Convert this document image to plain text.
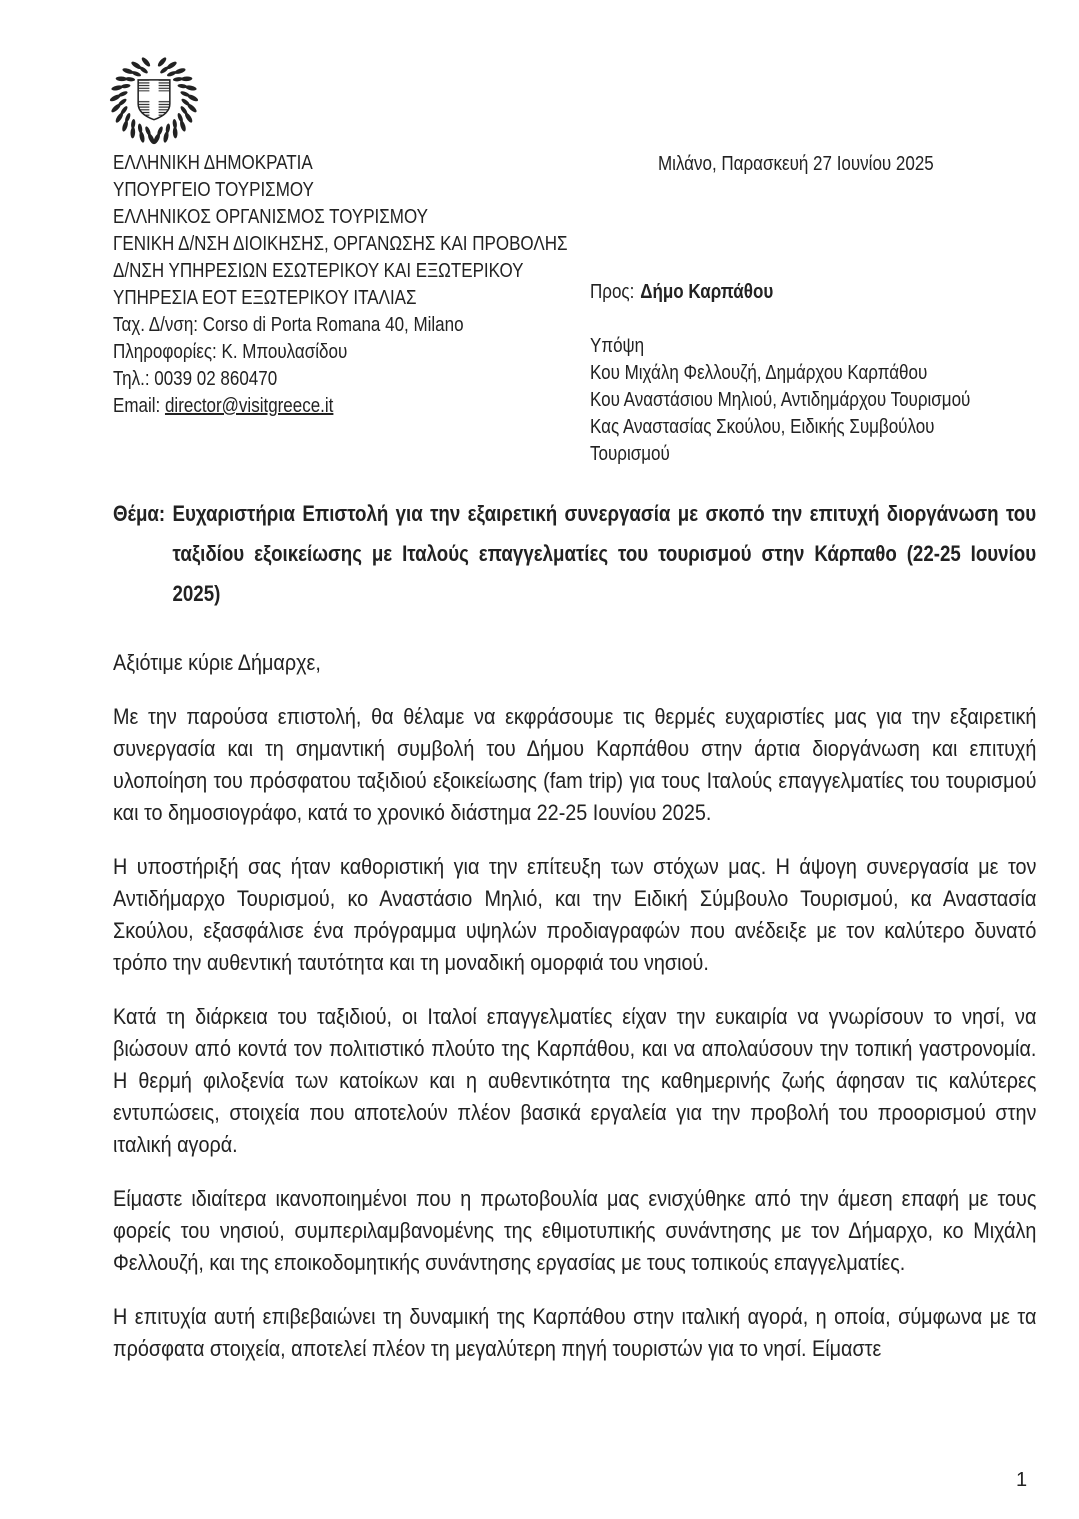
ΕΛΛΗΝΙΚΗ ΔΗΜΟΚΡΑΤΙΑ
ΥΠΟΥΡΓΕΙΟ ΤΟΥΡΙΣΜΟΥ
ΕΛΛΗΝΙΚΟΣ ΟΡΓΑΝΙΣΜΟΣ ΤΟΥΡΙΣΜΟΥ
ΓΕΝΙΚΗ Δ/ΝΣΗ ΔΙΟΙΚΗΣΗΣ, ΟΡΓΑΝΩΣΗΣ ΚΑΙ ΠΡΟΒΟΛΗΣ
Δ/ΝΣΗ ΥΠΗΡΕΣΙΩΝ ΕΣΩΤΕΡΙΚΟΥ ΚΑΙ ΕΞΩΤΕΡΙΚΟΥ
ΥΠΗΡΕΣΙΑ ΕΟΤ ΕΞΩΤΕΡΙΚΟΥ ΙΤΑΛΙΑΣ
Ταχ. Δ/νση: Corso di Porta Romana 40, Milano
Πληροφορίες: Κ. Μπουλασίδου
Τηλ.: 0039 02 860470
Email: director@visitgreece.it
Μιλάνο, Παρασκευή 27 Ιουνίου 2025
Προς: Δήμο Καρπάθου
Υπόψη
Κου Μιχάλη Φελλουζή, Δημάρχου Καρπάθου
Κου Αναστάσιου Μηλιού, Αντιδημάρχου Τουρισμού
Κας Αναστασίας Σκούλου, Ειδικής Συμβούλου
Τουρισμού
Θέμα: Ευχαριστήρια Επιστολή για την εξαιρετική συνεργασία με σκοπό την επιτυχή διοργάνωση του ταξιδίου εξοικείωσης με Ιταλούς επαγγελματίες του τουρισμού στην Κάρπαθο (22-25 Ιουνίου 2025)

Αξιότιμε κύριε Δήμαρχε,

Με την παρούσα επιστολή, θα θέλαμε να εκφράσουμε τις θερμές ευχαριστίες μας για την εξαιρετική συνεργασία και τη σημαντική συμβολή του Δήμου Καρπάθου στην άρτια διοργάνωση και επιτυχή υλοποίηση του πρόσφατου ταξιδιού εξοικείωσης (fam trip) για τους Ιταλούς επαγγελματίες του τουρισμού και το δημοσιογράφο, κατά το χρονικό διάστημα 22-25 Ιουνίου 2025.

Η υποστήριξή σας ήταν καθοριστική για την επίτευξη των στόχων μας. Η άψογη συνεργασία με τον Αντιδήμαρχο Τουρισμού, κο Αναστάσιο Μηλιό, και την Ειδική Σύμβουλο Τουρισμού, κα Αναστασία Σκούλου, εξασφάλισε ένα πρόγραμμα υψηλών προδιαγραφών που ανέδειξε με τον καλύτερο δυνατό τρόπο την αυθεντική ταυτότητα και τη μοναδική ομορφιά του νησιού.

Κατά τη διάρκεια του ταξιδιού, οι Ιταλοί επαγγελματίες είχαν την ευκαιρία να γνωρίσουν το νησί, να βιώσουν από κοντά τον πολιτιστικό πλούτο της Καρπάθου, και να απολαύσουν την τοπική γαστρονομία. Η θερμή φιλοξενία των κατοίκων και η αυθεντικότητα της καθημερινής ζωής άφησαν τις καλύτερες εντυπώσεις, στοιχεία που αποτελούν πλέον βασικά εργαλεία για την προβολή του προορισμού στην ιταλική αγορά.

Είμαστε ιδιαίτερα ικανοποιημένοι που η πρωτοβουλία μας ενισχύθηκε από την άμεση επαφή με τους φορείς του νησιού, συμπεριλαμβανομένης της εθιμοτυπικής συνάντησης με τον Δήμαρχο, κο Μιχάλη Φελλουζή, και της εποικοδομητικής συνάντησης εργασίας με τους τοπικούς επαγγελματίες.

Η επιτυχία αυτή επιβεβαιώνει τη δυναμική της Καρπάθου στην ιταλική αγορά, η οποία, σύμφωνα με τα πρόσφατα στοιχεία, αποτελεί πλέον τη μεγαλύτερη πηγή τουριστών για το νησί. Είμαστε

1
